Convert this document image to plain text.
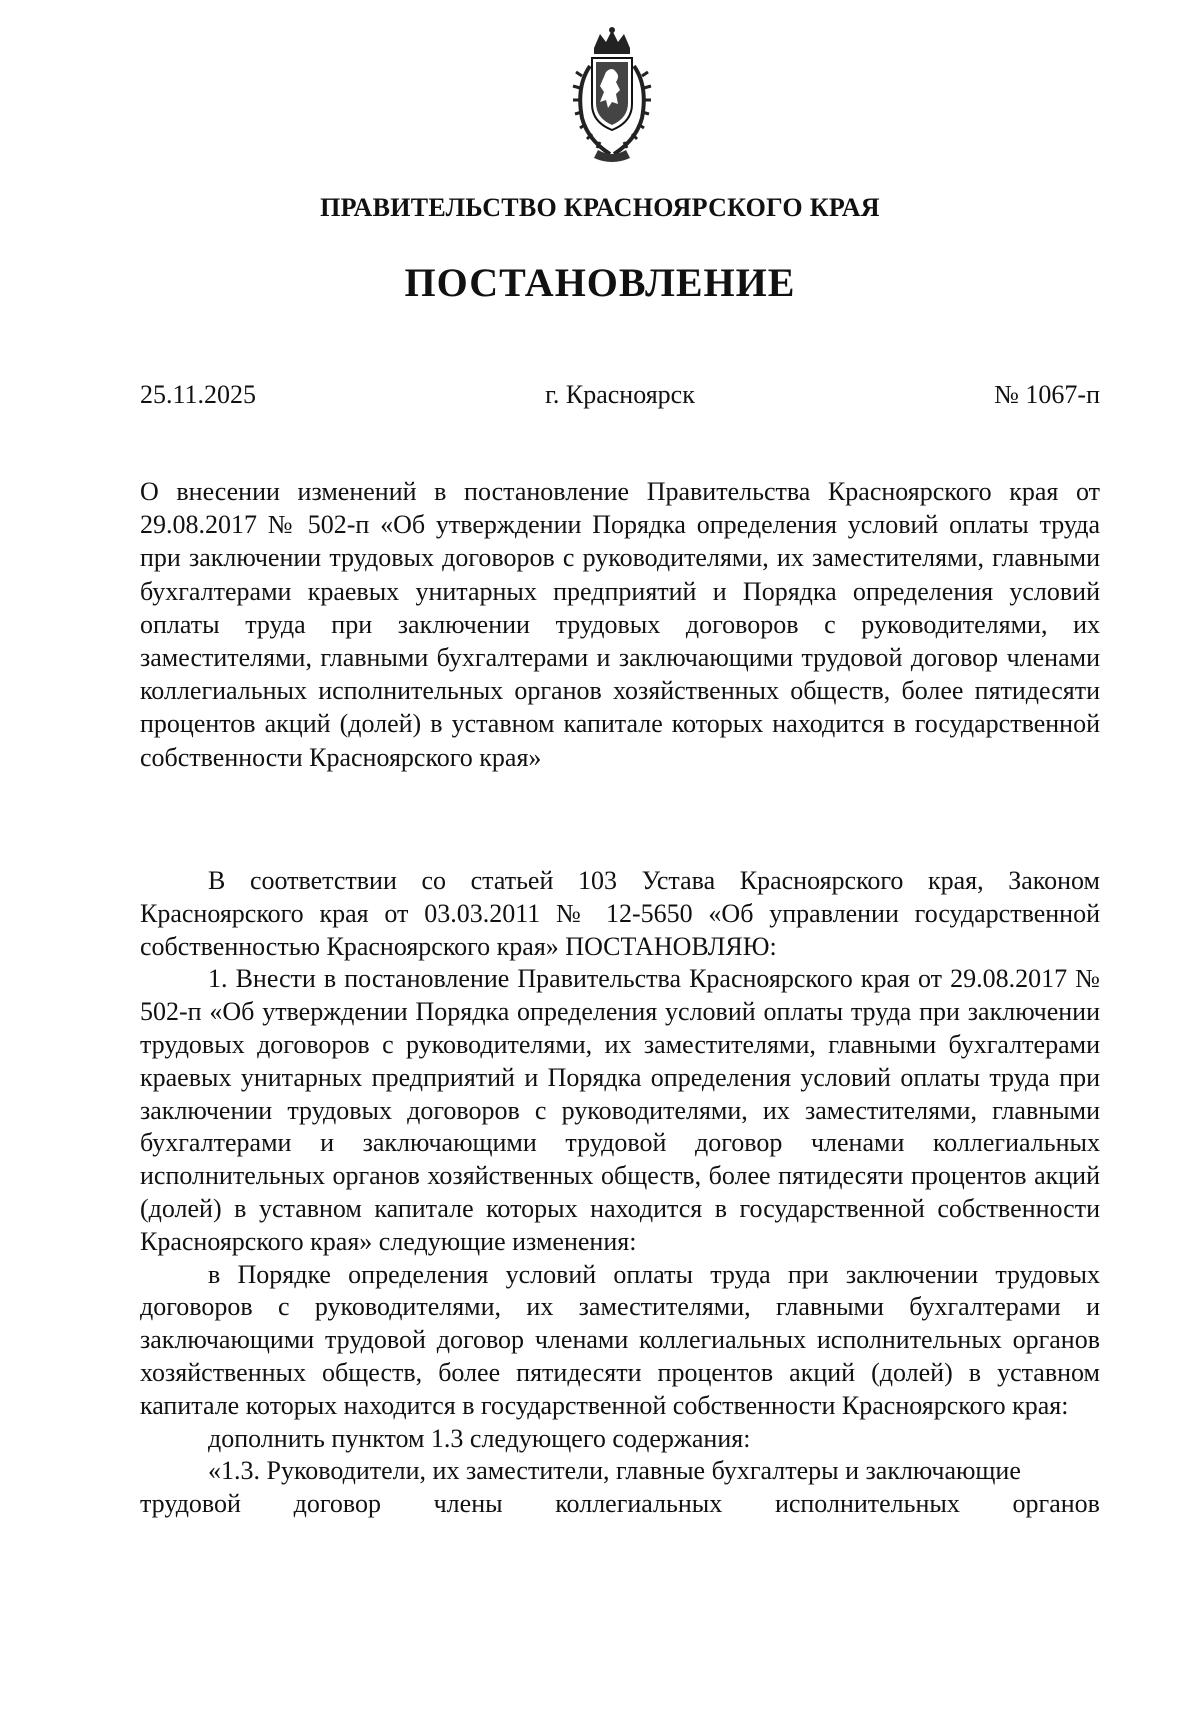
ПРАВИТЕЛЬСТВО КРАСНОЯРСКОГО КРАЯ
ПОСТАНОВЛЕНИЕ
г. Красноярск
25.11.2025	№ 1067-п
О внесении изменений в постановление Правительства Красноярского края от 29.08.2017 № 502-п «Об утверждении Порядка определения условий оплаты труда при заключении трудовых договоров с руководителями, их заместителями, главными бухгалтерами краевых унитарных предприятий и Порядка определения условий оплаты труда при заключении трудовых договоров с руководителями, их заместителями, главными бухгалтерами и заключающими трудовой договор членами коллегиальных исполнительных органов хозяйственных обществ, более пятидесяти процентов акций (долей) в уставном капитале которых находится в государственной собственности Красноярского края»

В соответствии со статьей 103 Устава Красноярского края, Законом Красноярского края от 03.03.2011 № 12-5650 «Об управлении государственной собственностью Красноярского края» ПОСТАНОВЛЯЮ:

1. Внести в постановление Правительства Красноярского края от 29.08.2017 № 502-п «Об утверждении Порядка определения условий оплаты труда при заключении трудовых договоров с руководителями, их заместителями, главными бухгалтерами краевых унитарных предприятий и Порядка определения условий оплаты труда при заключении трудовых договоров с руководителями, их заместителями, главными бухгалтерами и заключающими трудовой договор членами коллегиальных исполнительных органов хозяйственных обществ, более пятидесяти процентов акций (долей) в уставном капитале которых находится в государственной собственности Красноярского края» следующие изменения:

в Порядке определения условий оплаты труда при заключении трудовых договоров с руководителями, их заместителями, главными бухгалтерами и заключающими трудовой договор членами коллегиальных исполнительных органов хозяйственных обществ, более пятидесяти процентов акций (долей) в уставном капитале которых находится в государственной собственности Красноярского края:

дополнить пунктом 1.3 следующего содержания:

«1.3. Руководители, их заместители, главные бухгалтеры и заключающие

трудовой договор члены коллегиальных исполнительных органов
